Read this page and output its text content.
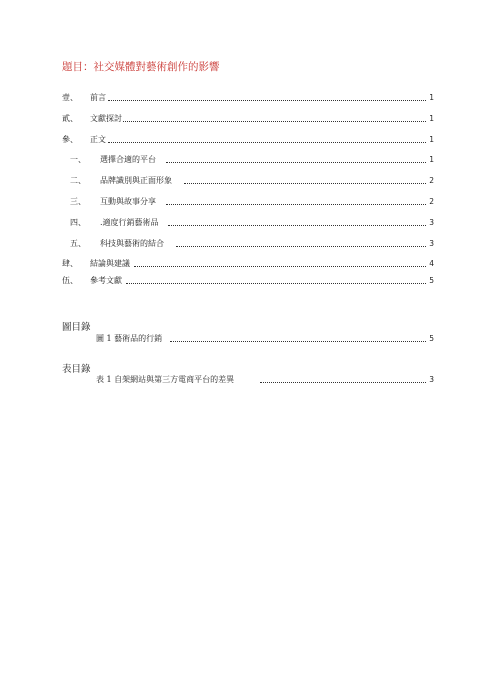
題目：社交媒體對藝術創作的影響
壹、 前言	1
貳、 文獻探討	1
參、 正文	1
一、 選擇合適的平台	1
二、 品牌識別與正面形象	2
三、 互動與故事分享	2
四、 .適度行銷藝術品	3
五、 科技與藝術的結合	3
肆、 結論與建議	4
伍、 參考文獻	5
圖目錄
圖 1 藝術品的行銷	5
表目錄
表 1 自架網站與第三方電商平台的差異	3
